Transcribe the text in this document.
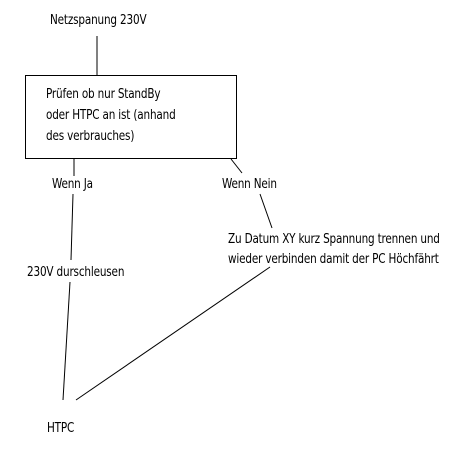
Netzspanung 230V
Prüfen ob nur StandBy
oder HTPC an ist (anhand
des verbrauches)
Wenn Ja	Wenn Nein
Zu Datum XY kurz Spannung trennen und
wieder verbinden damit der PC Höchfährt
230V durschleusen
HTPC
